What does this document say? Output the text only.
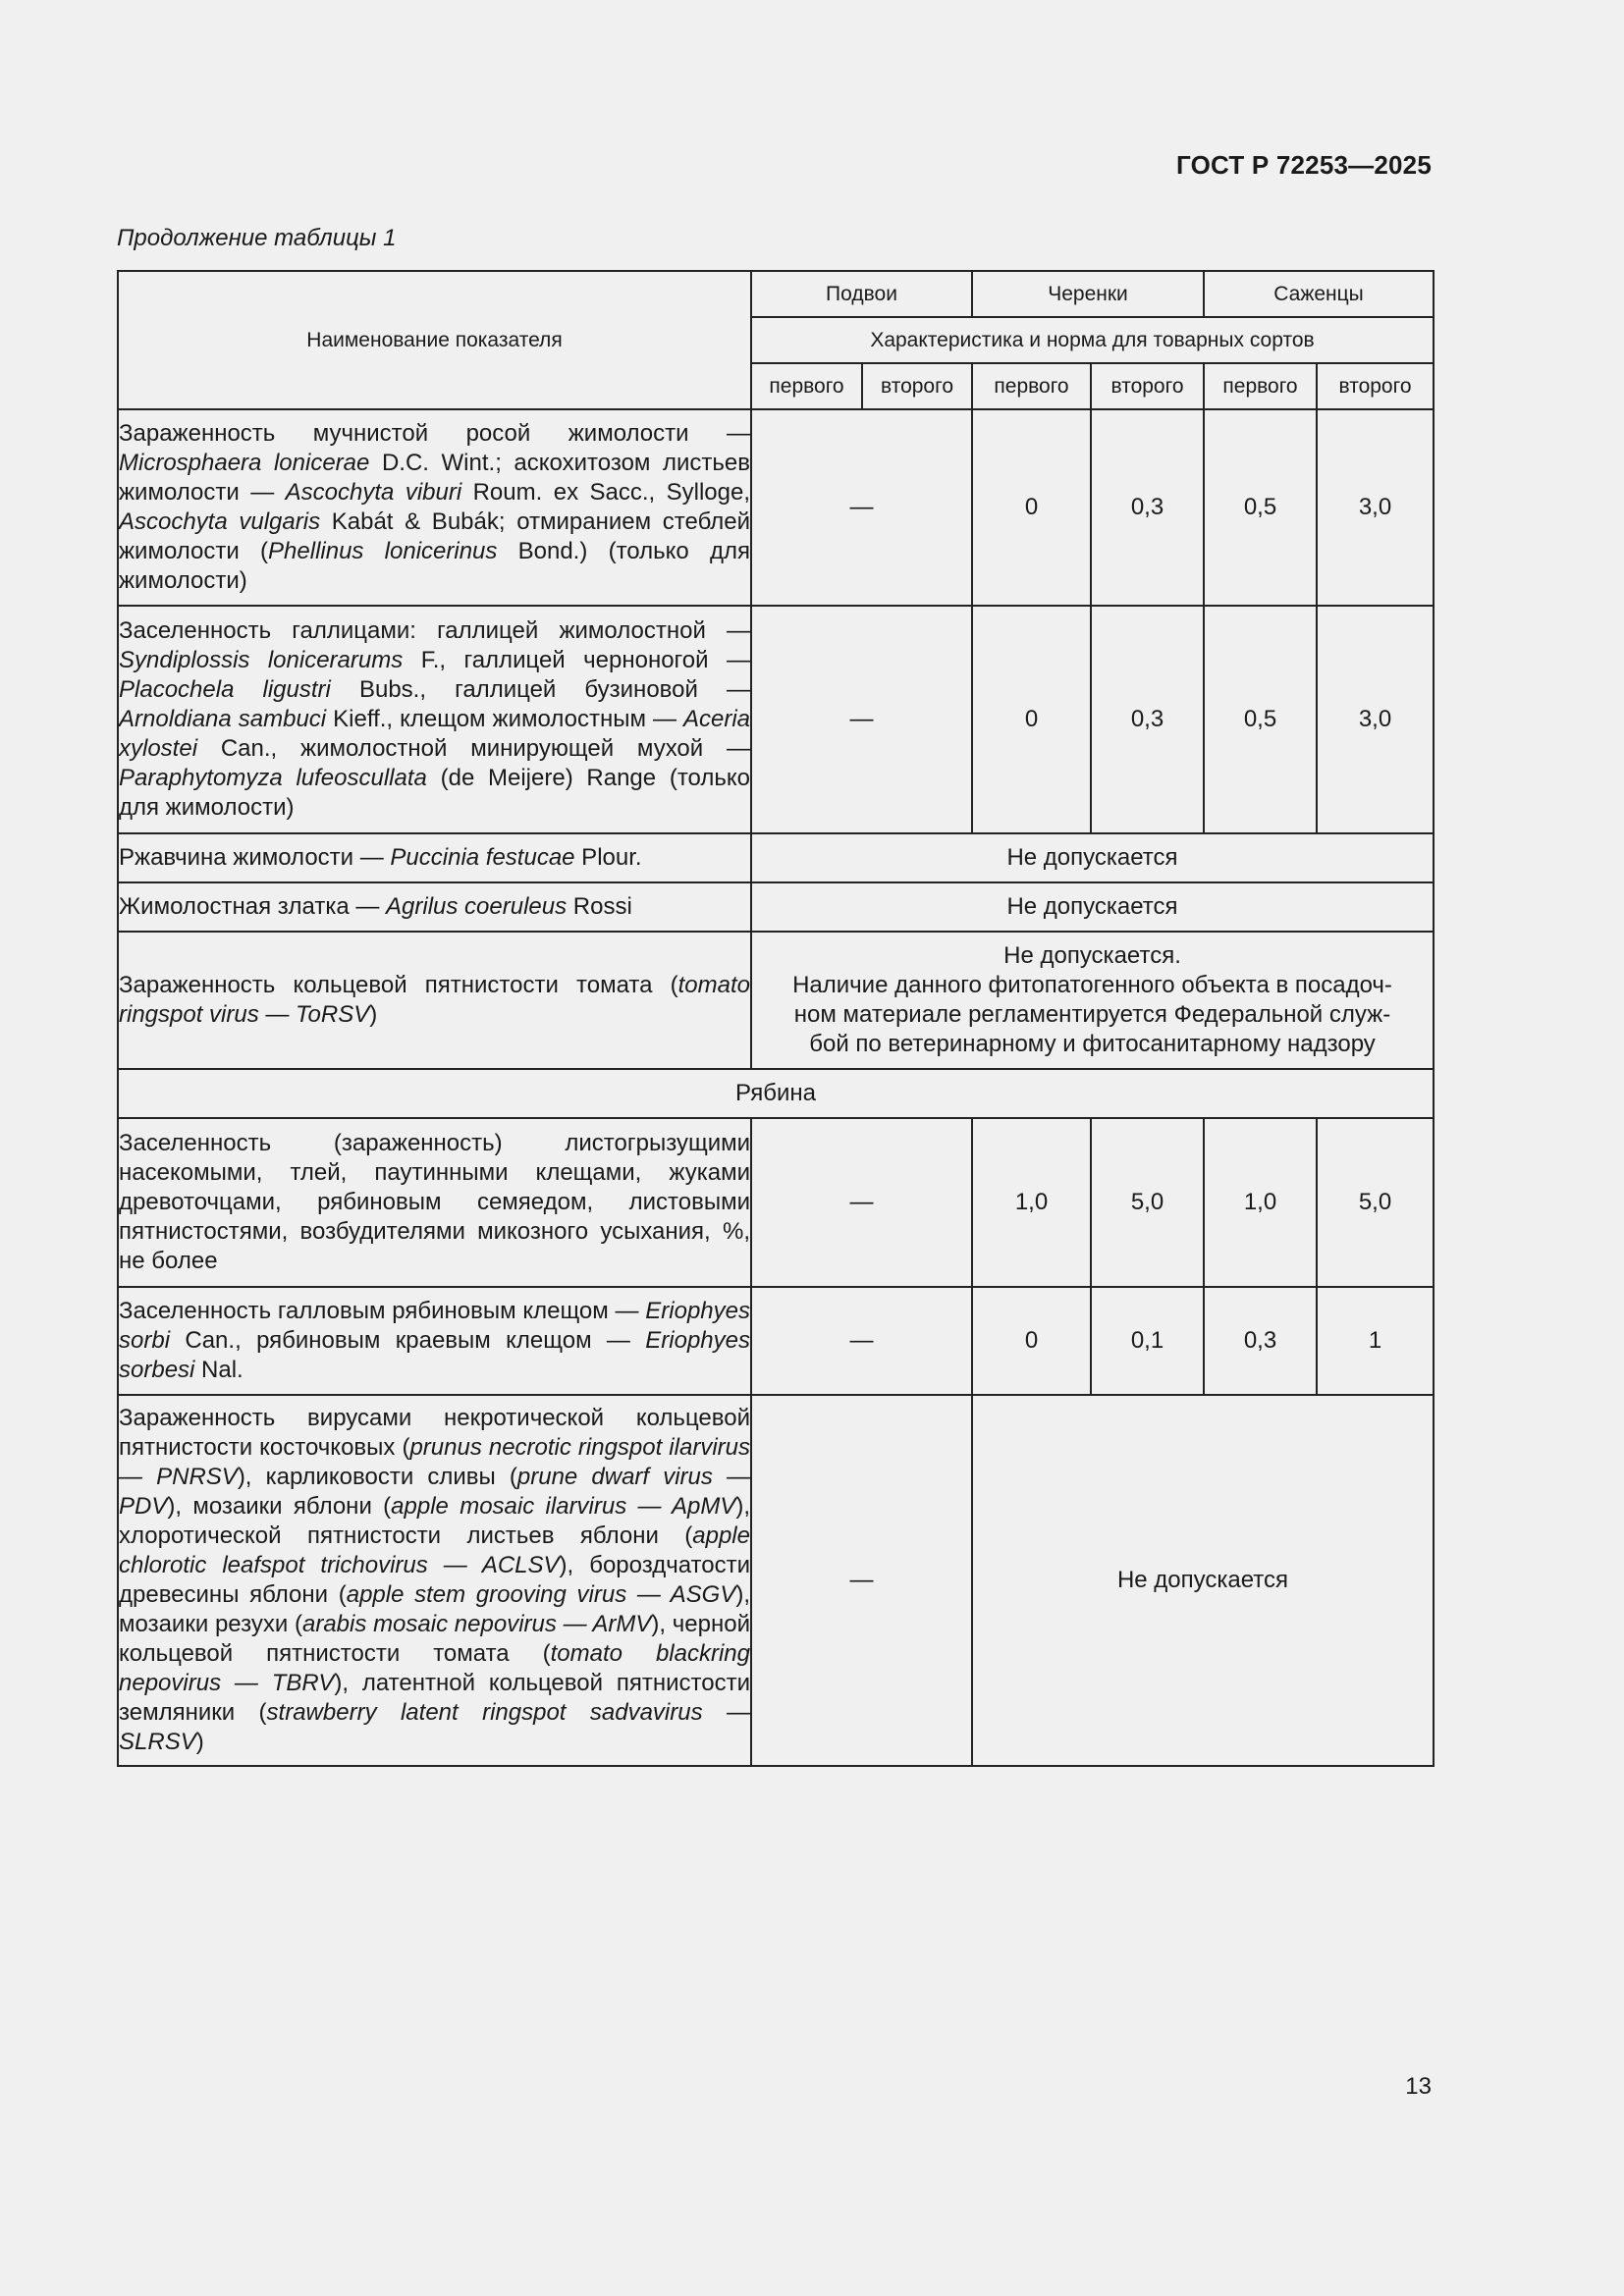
ГОСТ Р 72253—2025
Продолжение таблицы 1
Наименование показателя	Подвои		Черенки		Саженцы	
	Характеристика и норма для товарных сортов					
	первого	второго	первого	второго	первого	второго
Зараженность мучнистой росой жимолости — Microsphaera lonicerae D.C. Wint.; аскохитозом листьев жимолости — Ascochyta viburi Roum. ex Sacc., Sylloge, Ascochyta vulgaris Kabát & Bubák; отмиранием стеблей жимолости (Phellinus lonicerinus Bond.) (только для жимолости)	—		0	0,3	0,5	3,0
Заселенность галлицами: галлицей жимолостной — Syndiplossis lonicerarums F., галлицей черноногой — Placochela ligustri Bubs., галлицей бузиновой — Arnoldiana sambuci Kieff., клещом жимолостным — Aceria xylostei Can., жимолостной минирующей мухой — Paraphytomyza lufeoscullata (de Meijere) Range (только для жимолости)	—		0	0,3	0,5	3,0
Ржавчина жимолости — Puccinia festucae Plour.	Не допускается					
Жимолостная златка — Agrilus coeruleus Rossi	Не допускается					
Зараженность кольцевой пятнистости томата (tomato ringspot virus — ToRSV)	Не допускается.
Наличие данного фитопатогенного объекта в посадоч-
ном материале регламентируется Федеральной служ-
бой по ветеринарному и фитосанитарному надзору					

Рябина						
Заселенность (зараженность) листогрызущими насекомыми, тлей, паутинными клещами, жуками древоточцами, рябиновым семяедом, листовыми пятнистостями, возбудителями микозного усыхания, %, не более	—		1,0	5,0	1,0	5,0
Заселенность галловым рябиновым клещом — Eriophyes sorbi Can., рябиновым краевым клещом — Eriophyes sorbesi Nal.	—		0	0,1	0,3	1
Зараженность вирусами некротической кольцевой пятнистости косточковых (prunus necrotic ringspot ilarvirus — PNRSV), карликовости сливы (prune dwarf virus — PDV), мозаики яблони (apple mosaic ilarvirus — ApMV), хлоротической пятнистости листьев яблони (apple chlorotic leafspot trichovirus — ACLSV), бороздчатости древесины яблони (apple stem grooving virus — ASGV), мозаики резухи (arabis mosaic nepovirus — ArMV), черной кольцевой пятнистости томата (tomato blackring nepovirus — TBRV), латентной кольцевой пятнистости земляники (strawberry latent ringspot sadvavirus — SLRSV)	—		Не допускается			
13
